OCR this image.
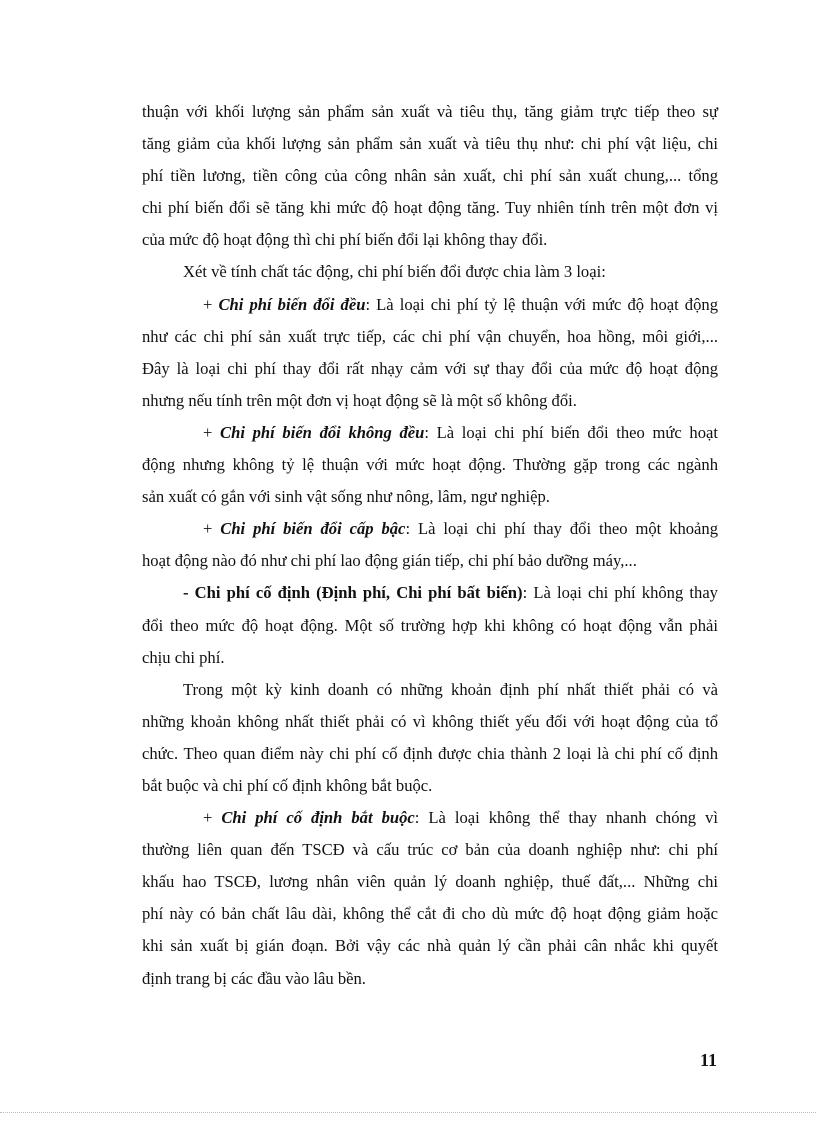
thuận với khối lượng sản phẩm sản xuất và tiêu thụ, tăng giảm trực tiếp theo sự
tăng giảm của khối lượng sản phẩm sản xuất và tiêu thụ như: chi phí vật liệu, chi
phí tiền lương, tiền công của công nhân sản xuất, chi phí sản xuất chung,... tổng
chi phí biến đổi sẽ tăng khi mức độ hoạt động tăng. Tuy nhiên tính trên một đơn vị
của mức độ hoạt động thì chi phí biến đổi lại không thay đổi.
Xét về tính chất tác động, chi phí biến đổi được chia làm 3 loại:
+ Chi phí biến đổi đều: Là loại chi phí tỷ lệ thuận với mức độ hoạt động
như các chi phí sản xuất trực tiếp, các chi phí vận chuyển, hoa hồng, môi giới,...
Đây là loại chi phí thay đổi rất nhạy cảm với sự thay đổi của mức độ hoạt động
nhưng nếu tính trên một đơn vị hoạt động sẽ là một số không đổi.
+ Chi phí biến đổi không đều: Là loại chi phí biến đổi theo mức hoạt
động nhưng không tỷ lệ thuận với mức hoạt động. Thường gặp trong các ngành
sản xuất có gắn với sinh vật sống như nông, lâm, ngư nghiệp.
+ Chi phí biến đổi cấp bậc: Là loại chi phí thay đổi theo một khoảng
hoạt động nào đó như chi phí lao động gián tiếp, chi phí bảo dưỡng máy,...
- Chi phí cố định (Định phí, Chi phí bất biến): Là loại chi phí không thay
đổi theo mức độ hoạt động. Một số trường hợp khi không có hoạt động vẫn phải
chịu chi phí.
Trong một kỳ kinh doanh có những khoản định phí nhất thiết phải có và
những khoản không nhất thiết phải có vì không thiết yếu đối với hoạt động của tổ
chức. Theo quan điểm này chi phí cố định được chia thành 2 loại là chi phí cố định
bắt buộc và chi phí cố định không bắt buộc.
+ Chi phí cố định bắt buộc: Là loại không thể thay nhanh chóng vì
thường liên quan đến TSCĐ và cấu trúc cơ bản của doanh nghiệp như: chi phí
khấu hao TSCĐ, lương nhân viên quản lý doanh nghiệp, thuế đất,... Những chi
phí này có bản chất lâu dài, không thể cắt đi cho dù mức độ hoạt động giảm hoặc
khi sản xuất bị gián đoạn. Bởi vậy các nhà quản lý cần phải cân nhắc khi quyết
định trang bị các đầu vào lâu bền.
11
